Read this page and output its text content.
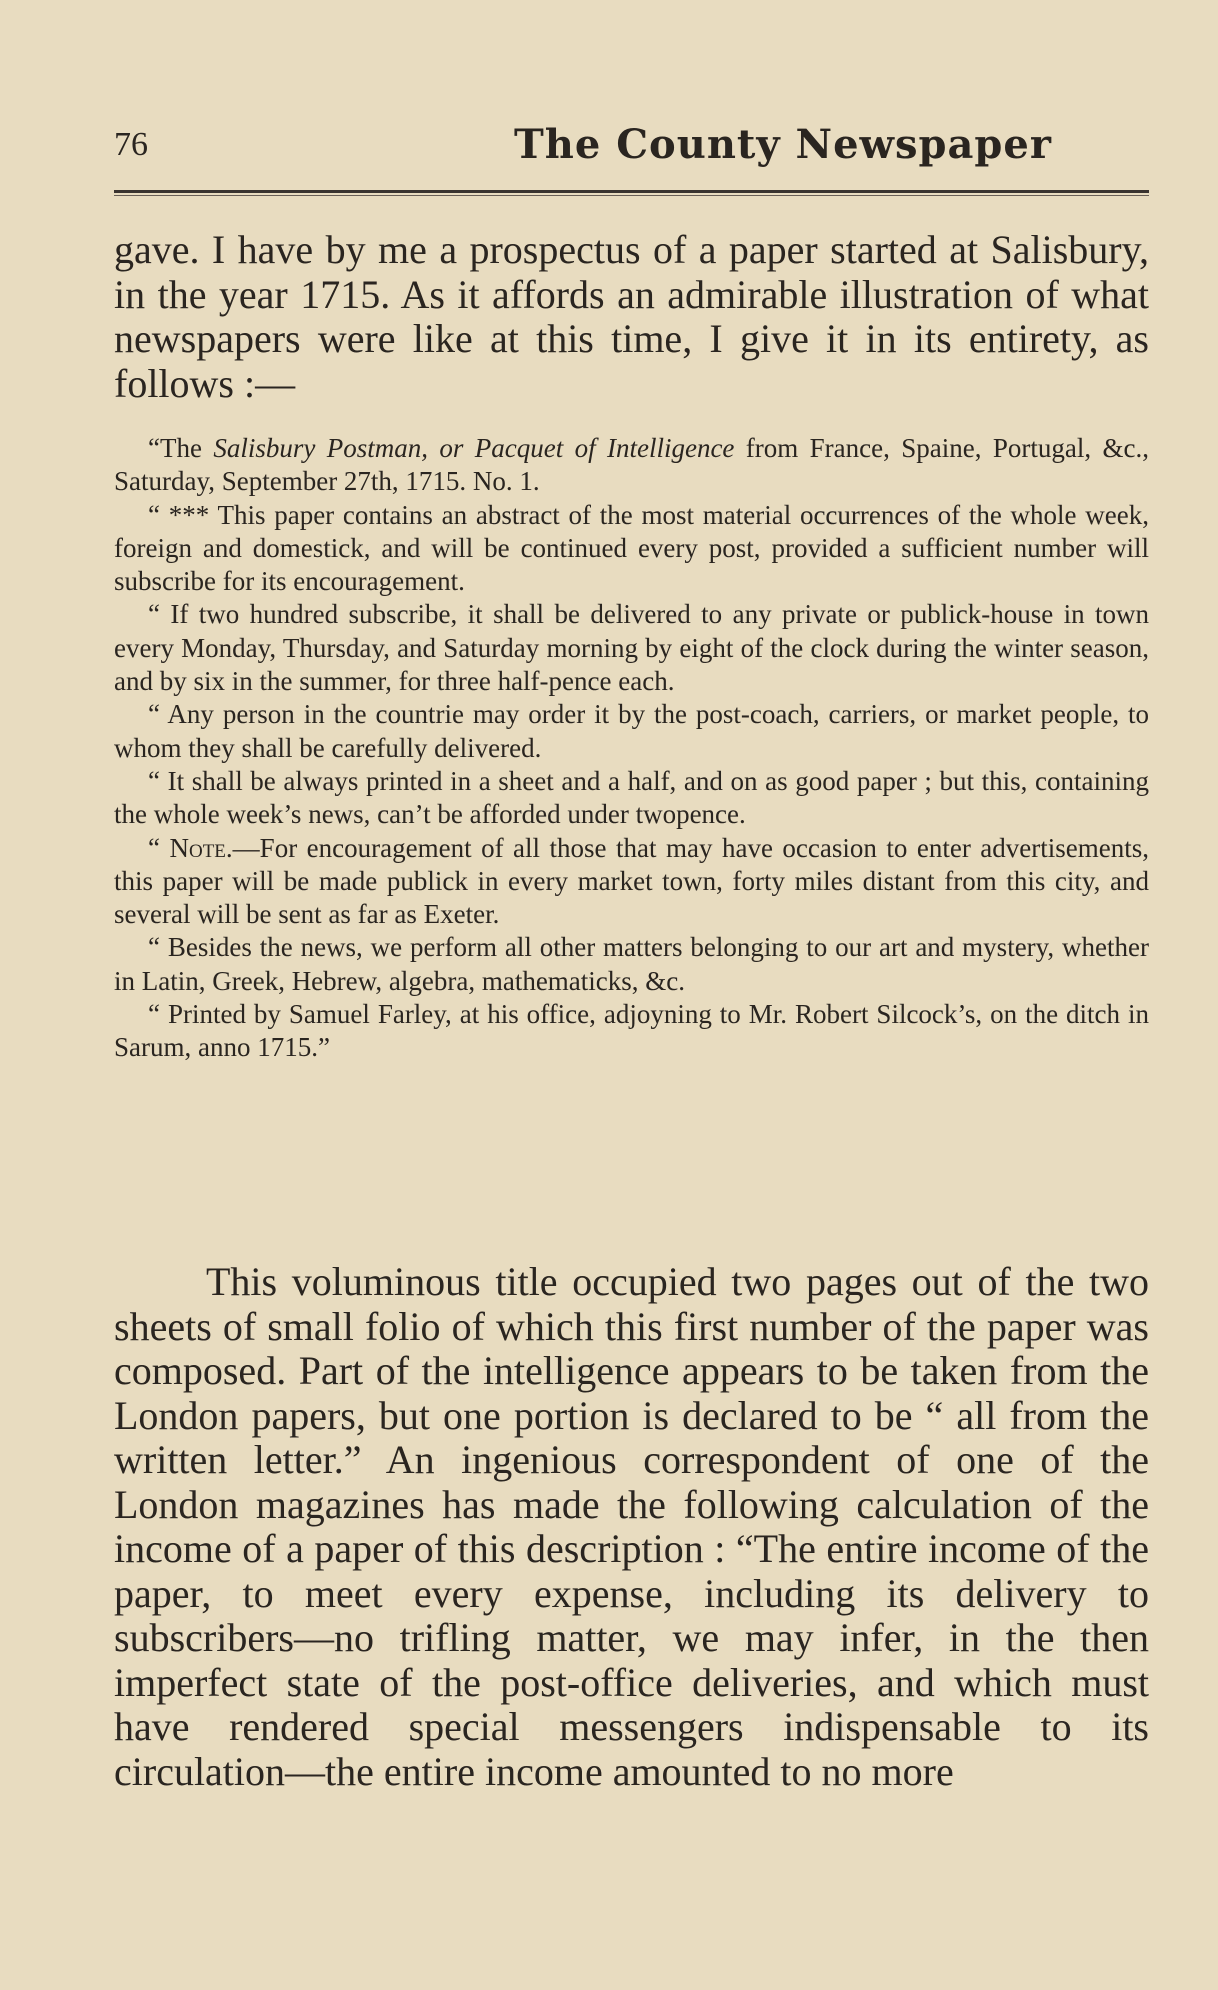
76	The County Newspaper
gave. I have by me a prospectus of a paper started at Salisbury, in the year 1715. As it affords an admirable illustration of what newspapers were like at this time, I give it in its entirety, as follows :—

“The Salisbury Postman, or Pacquet of Intelligence from France, Spaine, Portugal, &c., Saturday, September 27th, 1715. No. 1.

“ *** This paper contains an abstract of the most material occurrences of the whole week, foreign and domestick, and will be continued every post, provided a sufficient number will subscribe for its encouragement.

“ If two hundred subscribe, it shall be delivered to any private or publick-house in town every Monday, Thursday, and Saturday morning by eight of the clock during the winter season, and by six in the summer, for three half-pence each.

“ Any person in the countrie may order it by the post-coach, carriers, or market people, to whom they shall be carefully delivered.

“ It shall be always printed in a sheet and a half, and on as good paper ; but this, containing the whole week’s news, can’t be afforded under twopence.

“ Note.—For encouragement of all those that may have occasion to enter advertisements, this paper will be made publick in every market town, forty miles distant from this city, and several will be sent as far as Exeter.

“ Besides the news, we perform all other matters belonging to our art and mystery, whether in Latin, Greek, Hebrew, algebra, mathematicks, &c.

“ Printed by Samuel Farley, at his office, adjoyning to Mr. Robert Silcock’s, on the ditch in Sarum, anno 1715.”

This voluminous title occupied two pages out of the two sheets of small folio of which this first number of the paper was composed. Part of the intelligence appears to be taken from the London papers, but one portion is declared to be “ all from the written letter.” An ingenious correspondent of one of the London magazines has made the following calculation of the income of a paper of this description : “The entire income of the paper, to meet every expense, including its delivery to subscribers—no trifling matter, we may infer, in the then imperfect state of the post-office deliveries, and which must have rendered special messengers indispensable to its circulation—the entire income amounted to no more
